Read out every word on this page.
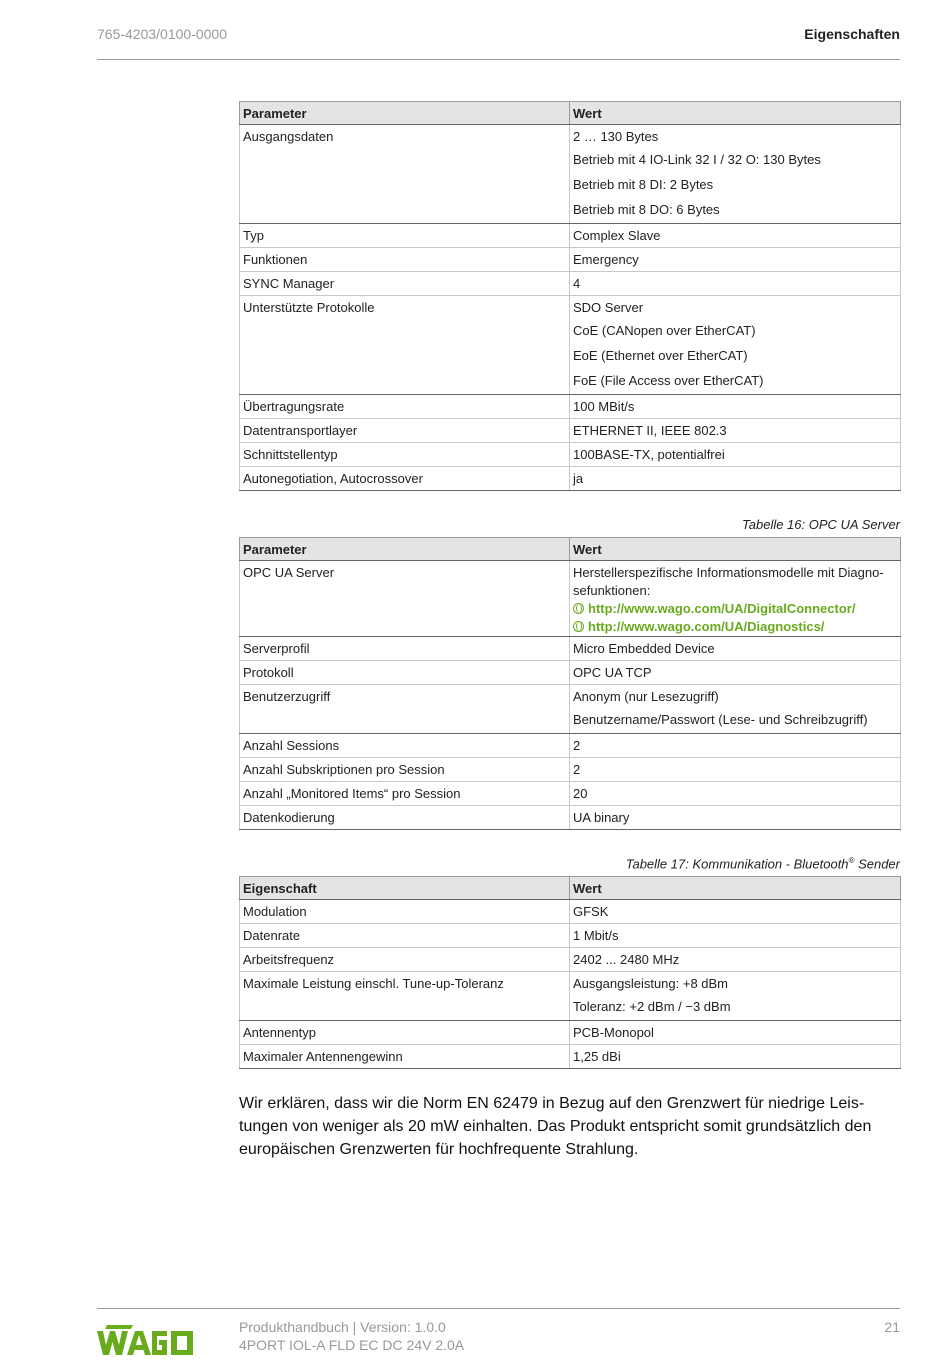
765-4203/0100-0000	Eigenschaften
Parameter	Wert

Ausgangsdaten	2 … 130 Bytes
Betrieb mit 4 IO-Link 32 I / 32 O: 130 Bytes
Betrieb mit 8 DI: 2 Bytes
Betrieb mit 8 DO: 6 Bytes

Typ	Complex Slave

Funktionen	Emergency

SYNC Manager	4

Unterstützte Protokolle	SDO Server
CoE (CANopen over EtherCAT)
EoE (Ethernet over EtherCAT)
FoE (File Access over EtherCAT)

Übertragungsrate	100 MBit/s

Datentransportlayer	ETHERNET II, IEEE 802.3

Schnittstellentyp	100BASE-TX, potentialfrei

Autonegotiation, Autocrossover	ja
Tabelle 16: OPC UA Server
Parameter	Wert

OPC UA Server	Herstellerspezifische Informationsmodelle mit Diagnosefunktionen:
http://www.wago.com/UA/DigitalConnector/
http://www.wago.com/UA/Diagnostics/

Serverprofil	Micro Embedded Device

Protokoll	OPC UA TCP

Benutzerzugriff	Anonym (nur Lesezugriff)
Benutzername/Passwort (Lese- und Schreibzugriff)

Anzahl Sessions	2

Anzahl Subskriptionen pro Session	2

Anzahl „Monitored Items“ pro Session	20

Datenkodierung	UA binary
Tabelle 17: Kommunikation - Bluetooth® Sender
Eigenschaft	Wert

Modulation	GFSK

Datenrate	1 Mbit/s

Arbeitsfrequenz	2402 ... 2480 MHz

Maximale Leistung einschl. Tune-up-Toleranz	Ausgangsleistung: +8 dBm
Toleranz: +2 dBm / −3 dBm

Antennentyp	PCB-Monopol

Maximaler Antennengewinn	1,25 dBi
Wir erklären, dass wir die Norm EN 62479 in Bezug auf den Grenzwert für niedrige Leistungen von weniger als 20 mW einhalten. Das Produkt entspricht somit grundsätzlich den europäischen Grenzwerten für hochfrequente Strahlung.
Produkthandbuch | Version: 1.0.0
4PORT IOL-A FLD EC DC 24V 2.0A
21
